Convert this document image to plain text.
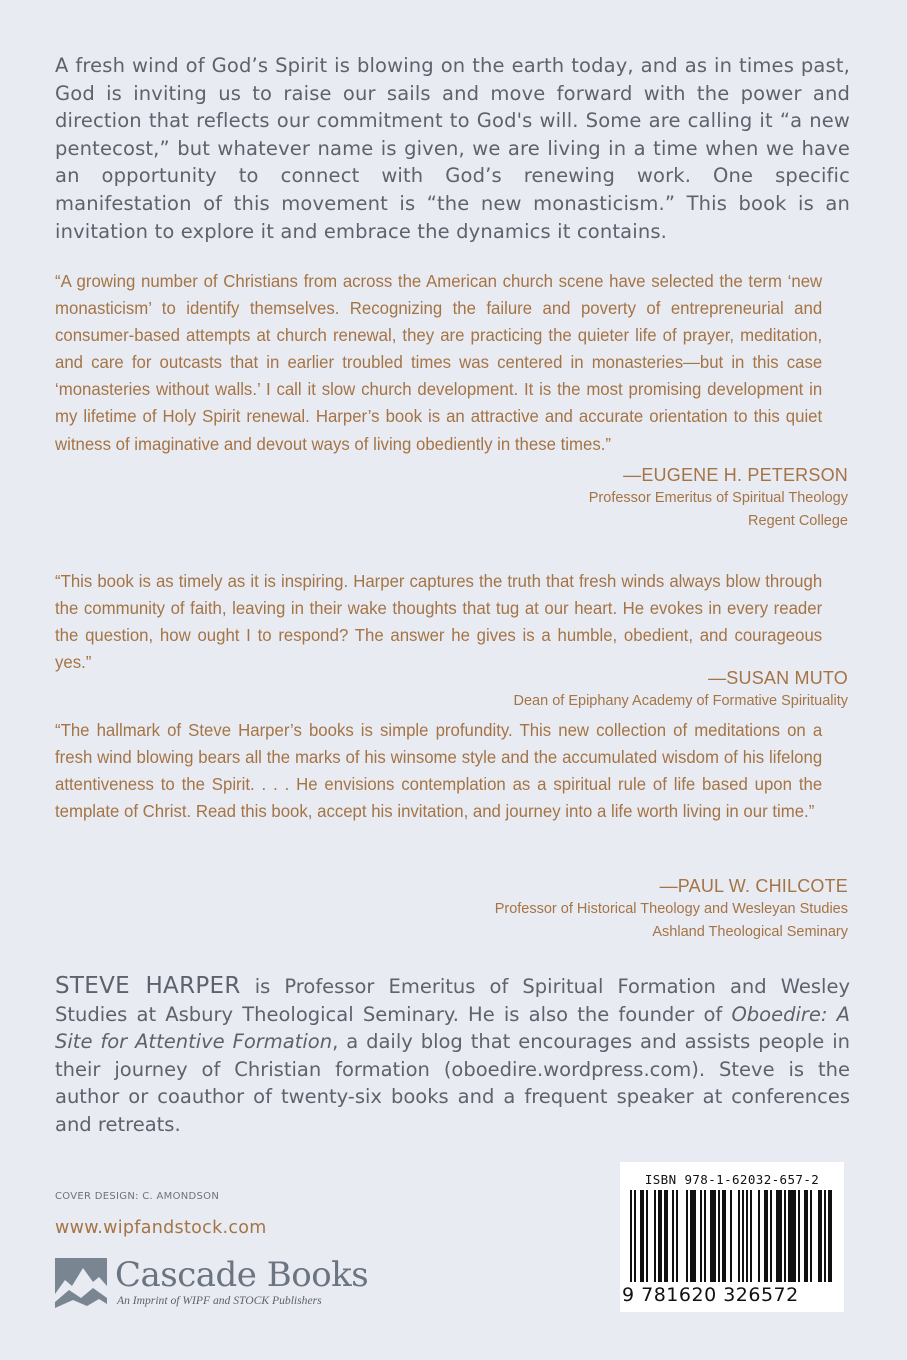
A fresh wind of God’s Spirit is blowing on the earth today, and as in times past, God is inviting us to raise our sails and move forward with the power and direction that reflects our commitment to God's will. Some are calling it “a new pentecost,” but whatever name is given, we are living in a time when we have an opportunity to connect with God’s renewing work. One specific manifestation of this movement is “the new monasticism.” This book is an invitation to explore it and embrace the dynamics it contains.

“A growing number of Christians from across the American church scene have selected the term ‘new monasticism’ to identify themselves. Recognizing the failure and poverty of entrepreneurial and consumer-based attempts at church renewal, they are practicing the quieter life of prayer, meditation, and care for outcasts that in earlier troubled times was centered in monasteries—but in this case ‘monasteries without walls.’ I call it slow church development. It is the most promising development in my lifetime of Holy Spirit renewal. Harper’s book is an attractive and accurate orientation to this quiet witness of imaginative and devout ways of living obediently in these times.”

—EUGENE H. PETERSON
Professor Emeritus of Spiritual Theology
Regent College

“This book is as timely as it is inspiring. Harper captures the truth that fresh winds always blow through the community of faith, leaving in their wake thoughts that tug at our heart. He evokes in every reader the question, how ought I to respond? The answer he gives is a humble, obedient, and courageous yes.”

—SUSAN MUTO
Dean of Epiphany Academy of Formative Spirituality

“The hallmark of Steve Harper’s books is simple profundity. This new collection of meditations on a fresh wind blowing bears all the marks of his winsome style and the accumulated wisdom of his lifelong attentiveness to the Spirit. . . . He envisions contemplation as a spiritual rule of life based upon the template of Christ. Read this book, accept his invitation, and journey into a life worth living in our time.”

—PAUL W. CHILCOTE
Professor of Historical Theology and Wesleyan Studies
Ashland Theological Seminary

STEVE HARPER is Professor Emeritus of Spiritual Formation and Wesley Studies at Asbury Theological Seminary. He is also the founder of Oboedire: A Site for Attentive Formation, a daily blog that encourages and assists people in their journey of Christian formation (oboedire.wordpress.com). Steve is the author or coauthor of twenty-six books and a frequent speaker at conferences and retreats.

COVER DESIGN: C. AMONDSON
www.wipfandstock.com
Cascade Books
An Imprint of WIPF and STOCK Publishers
ISBN 978-1-62032-657-2
9 781620 326572
